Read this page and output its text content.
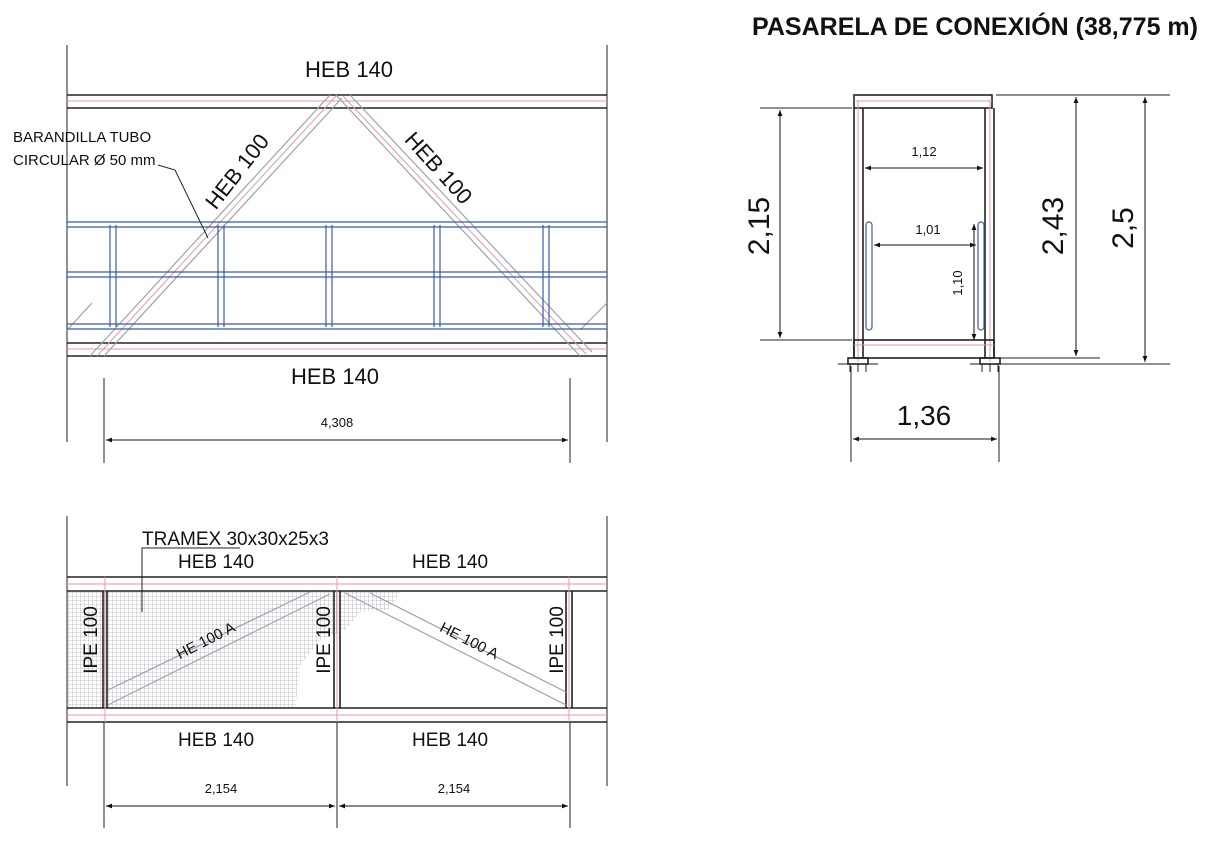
PASARELA DE CONEXIÓN (38,775 m)
HEB 140
HEB 140
HEB 100	HEB 100
BARANDILLA TUBO
CIRCULAR Ø 50 mm
4,308
TRAMEX 30x30x25x3
HEB 140	HEB 140
HEB 140	HEB 140
IPE 100	IPE 100	IPE 100
HE 100 A	HE 100 A
2,154	2,154
1,12
1,01
1,10
2,15	2,43 2,5
1,36
